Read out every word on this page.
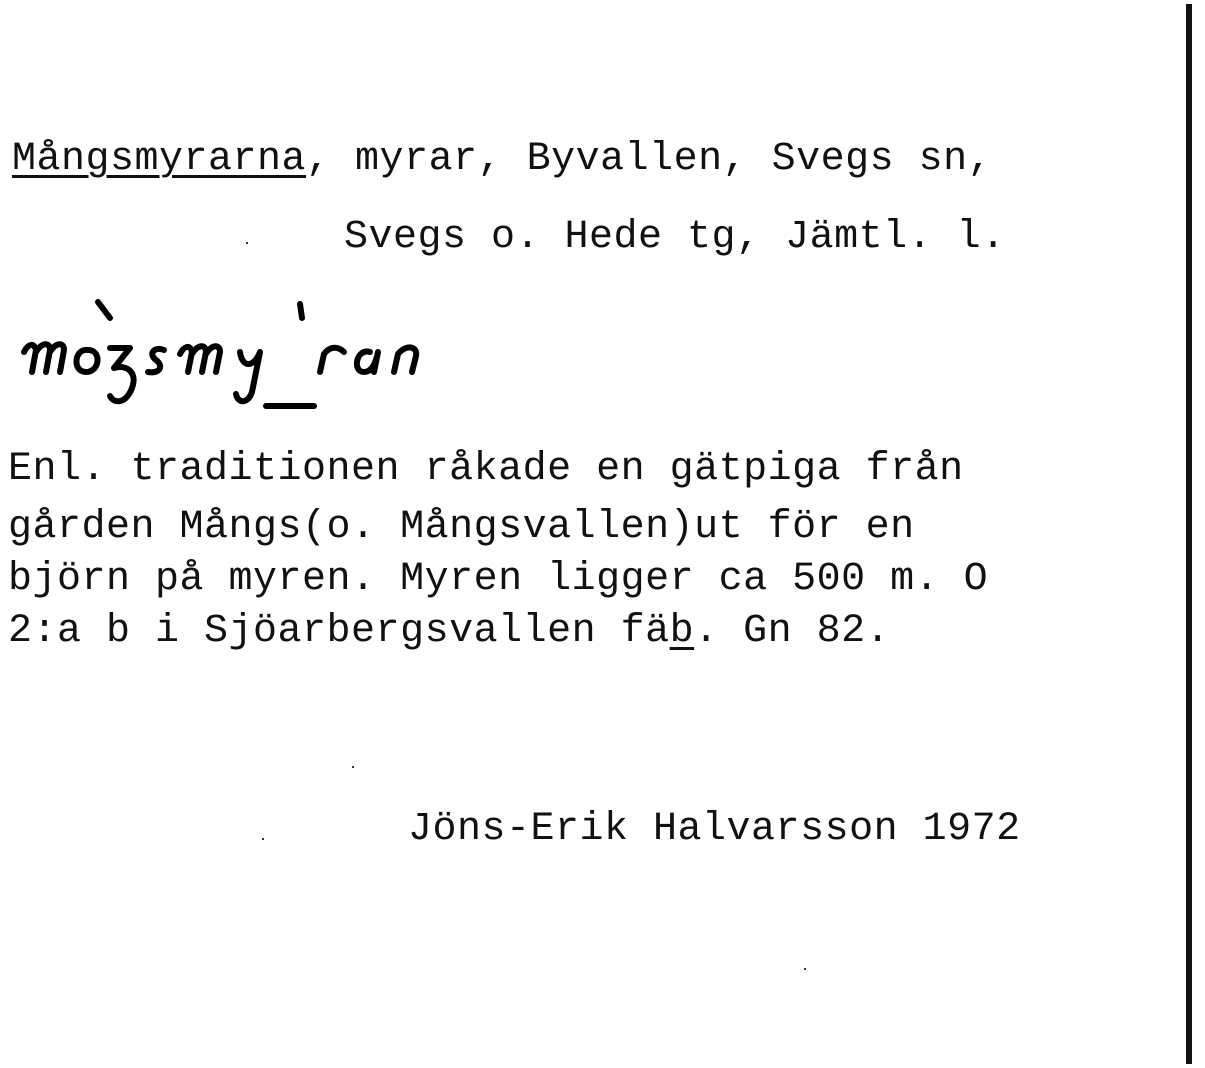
Mångsmyrarna, myrar, Byvallen, Svegs sn,
Svegs o. Hede tg, Jämtl. l.
Enl. traditionen råkade en gätpiga från
gården Mångs(o. Mångsvallen)ut för en
björn på myren. Myren ligger ca 500 m. O
2:a b i Sjöarbergsvallen fäb. Gn 82.
Jöns-Erik Halvarsson 1972
